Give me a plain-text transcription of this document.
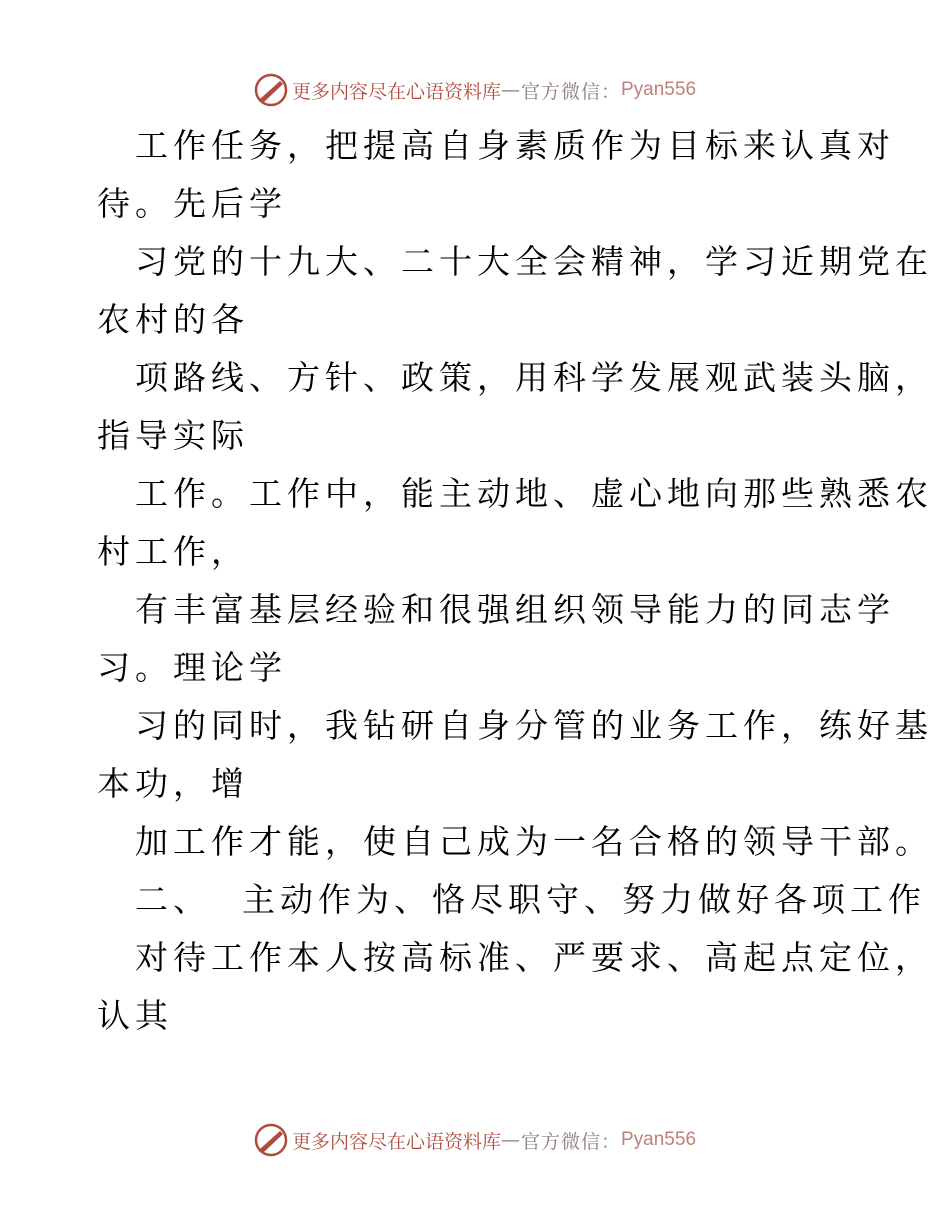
更多内容尽在心语资料库 — 官方微信： Pyan556
工作任务，把提高自身素质作为目标来认真对
待。先后学
习党的十九大、二十大全会精神，学习近期党在
农村的各
项路线、方针、政策，用科学发展观武装头脑，
指导实际
工作。工作中，能主动地、虚心地向那些熟悉农
村工作，
有丰富基层经验和很强组织领导能力的同志学
习。理论学
习的同时，我钻研自身分管的业务工作，练好基
本功，增
加工作才能，使自己成为一名合格的领导干部。
二、  主动作为、恪尽职守、努力做好各项工作
对待工作本人按高标准、严要求、高起点定位，
认其
更多内容尽在心语资料库 — 官方微信： Pyan556
